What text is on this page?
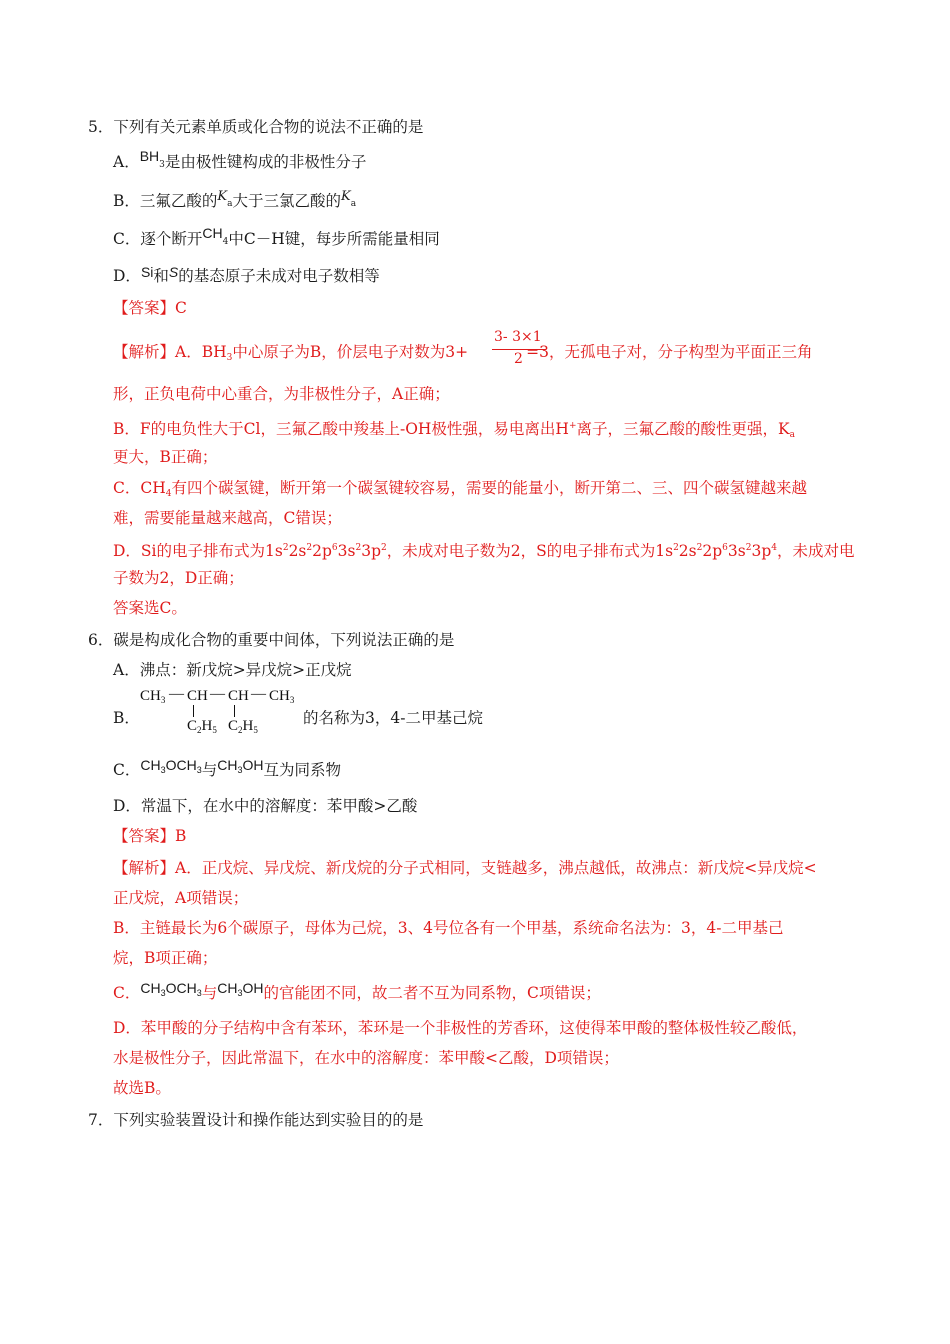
5．下列有关元素单质或化合物的说法不正确的是
A．$BH_3$是由极性键构成的非极性分子
B．三氟乙酸的$^K_a$大于三氯乙酸的$^K_a$
C．逐个断开$CH_4$中C－H键，每步所需能量相同
D．Si和S的基态原子未成对电子数相等
【答案】C
【解析】A．$BH_3$中心原子为B，价层电子对数为3+	=3，无孤电子对，分子构型为平面正三角
3- 3×1
2
形，正负电荷中心重合，为非极性分子，A正确；
B．F的电负性大于Cl，三氟乙酸中羧基上-OH极性强，易电离出H+离子，三氟乙酸的酸性更强，$K_a$
更大，B正确；
C．$CH_4$有四个碳氢键，断开第一个碳氢键较容易，需要的能量小，断开第二、三、四个碳氢键越来越
难，需要能量越来越高，C错误；
D．Si的电子排布式为$1s^22s^22p^63s^23p^2$，未成对电子数为2，S的电子排布式为$1s^22s^22p^63s^23p^4$，未成对电
子数为2，D正确；
答案选C。
6．碳是构成化合物的重要中间体，下列说法正确的是
A．沸点：新戊烷>异戊烷>正戊烷
B．
$CH_3$ — CH — CH — $CH_3$
$C_2H_5$ $C_2H_5$
的名称为3，4-二甲基己烷
C．$CH_3OCH_3$与$CH_3OH$互为同系物
D．常温下，在水中的溶解度：苯甲酸>乙酸
【答案】B
【解析】A．正戊烷、异戊烷、新戊烷的分子式相同，支链越多，沸点越低，故沸点：新戊烷<异戊烷<
正戊烷，A项错误；
B．主链最长为6个碳原子，母体为己烷，3、4号位各有一个甲基，系统命名法为：3，4-二甲基己
烷，B项正确；
C．$CH_3OCH_3$与$CH_3OH$的官能团不同，故二者不互为同系物，C项错误；
D．苯甲酸的分子结构中含有苯环，苯环是一个非极性的芳香环，这使得苯甲酸的整体极性较乙酸低，
水是极性分子，因此常温下，在水中的溶解度：苯甲酸<乙酸，D项错误；
故选B。
7．下列实验装置设计和操作能达到实验目的的是
